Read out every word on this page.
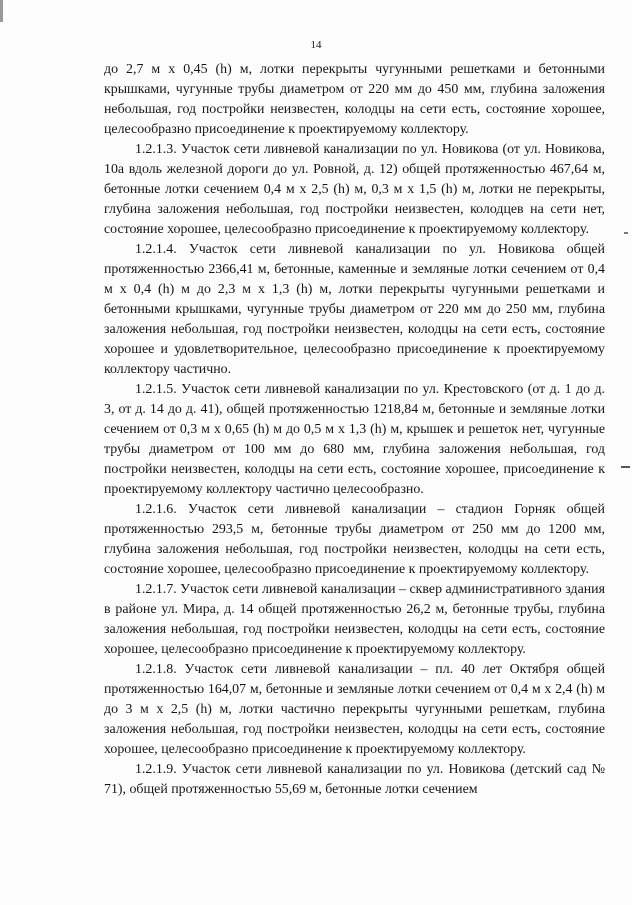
14

до 2,7 м х 0,45 (h) м, лотки перекрыты чугунными решетками и бетонными крышками, чугунные трубы диаметром от 220 мм до 450 мм, глубина заложения небольшая, год постройки неизвестен, колодцы на сети есть, состояние хорошее, целесообразно присоединение к проектируемому коллектору.

1.2.1.3. Участок сети ливневой канализации по ул. Новикова (от ул. Новикова, 10а вдоль железной дороги до ул. Ровной, д. 12) общей протяженностью 467,64 м, бетонные лотки сечением 0,4 м х 2,5 (h) м, 0,3 м х 1,5 (h) м, лотки не перекрыты, глубина заложения небольшая, год постройки неизвестен, колодцев на сети нет, состояние хорошее, целесообразно присоединение к проектируемому коллектору.

1.2.1.4. Участок сети ливневой канализации по ул. Новикова общей протяженностью 2366,41 м, бетонные, каменные и земляные лотки сечением от 0,4 м х 0,4 (h) м до 2,3 м х 1,3 (h) м, лотки перекрыты чугунными решетками и бетонными крышками, чугунные трубы диаметром от 220 мм до 250 мм, глубина заложения небольшая, год постройки неизвестен, колодцы на сети есть, состояние хорошее и удовлетворительное, целесообразно присоединение к проектируемому коллектору частично.

1.2.1.5. Участок сети ливневой канализации по ул. Крестовского (от д. 1 до д. 3, от д. 14 до д. 41), общей протяженностью 1218,84 м, бетонные и земляные лотки сечением от 0,3 м х 0,65 (h) м до 0,5 м х 1,3 (h) м, крышек и решеток нет, чугунные трубы диаметром от 100 мм до 680 мм, глубина заложения небольшая, год постройки неизвестен, колодцы на сети есть, состояние хорошее, присоединение к проектируемому коллектору частично целесообразно.

1.2.1.6. Участок сети ливневой канализации – стадион Горняк общей протяженностью 293,5 м, бетонные трубы диаметром от 250 мм до 1200 мм, глубина заложения небольшая, год постройки неизвестен, колодцы на сети есть, состояние хорошее, целесообразно присоединение к проектируемому коллектору.

1.2.1.7. Участок сети ливневой канализации – сквер административного здания в районе ул. Мира, д. 14 общей протяженностью 26,2 м, бетонные трубы, глубина заложения небольшая, год постройки неизвестен, колодцы на сети есть, состояние хорошее, целесообразно присоединение к проектируемому коллектору.

1.2.1.8. Участок сети ливневой канализации – пл. 40 лет Октября общей протяженностью 164,07 м, бетонные и земляные лотки сечением от 0,4 м х 2,4 (h) м до 3 м х 2,5 (h) м, лотки частично перекрыты чугунными решеткам, глубина заложения небольшая, год постройки неизвестен, колодцы на сети есть, состояние хорошее, целесообразно присоединение к проектируемому коллектору.

1.2.1.9. Участок сети ливневой канализации по ул. Новикова (детский сад № 71), общей протяженностью 55,69 м, бетонные лотки сечением
